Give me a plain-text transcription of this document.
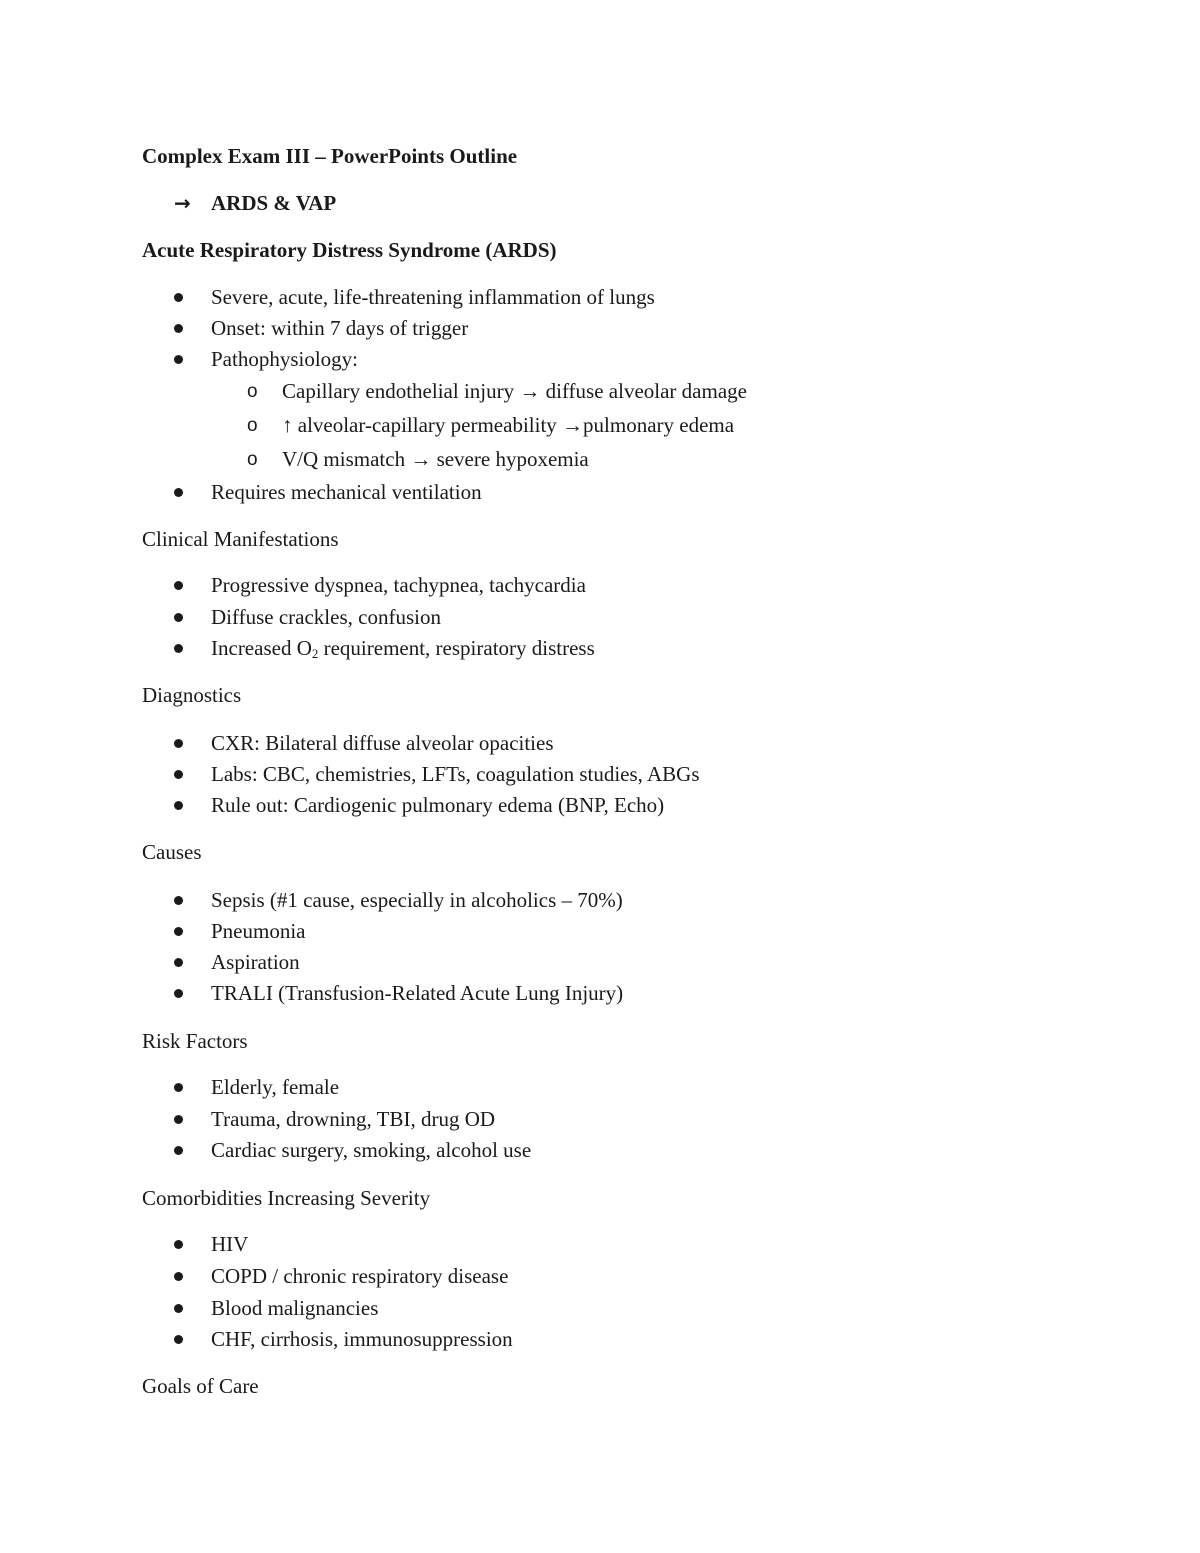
Complex Exam III – PowerPoints Outline
→ ARDS & VAP
Acute Respiratory Distress Syndrome (ARDS)
Severe, acute, life-threatening inflammation of lungs
Onset: within 7 days of trigger
Pathophysiology:
o Capillary endothelial injury → diffuse alveolar damage
o ↑ alveolar-capillary permeability →pulmonary edema
o V/Q mismatch → severe hypoxemia
Requires mechanical ventilation
Clinical Manifestations
Progressive dyspnea, tachypnea, tachycardia
Diffuse crackles, confusion
Increased $O_2$ requirement, respiratory distress
Diagnostics
CXR: Bilateral diffuse alveolar opacities
Labs: CBC, chemistries, LFTs, coagulation studies, ABGs
Rule out: Cardiogenic pulmonary edema (BNP, Echo)
Causes
Sepsis (#1 cause, especially in alcoholics – 70%)
Pneumonia
Aspiration
TRALI (Transfusion-Related Acute Lung Injury)
Risk Factors
Elderly, female
Trauma, drowning, TBI, drug OD
Cardiac surgery, smoking, alcohol use
Comorbidities Increasing Severity
HIV
COPD / chronic respiratory disease
Blood malignancies
CHF, cirrhosis, immunosuppression
Goals of Care
